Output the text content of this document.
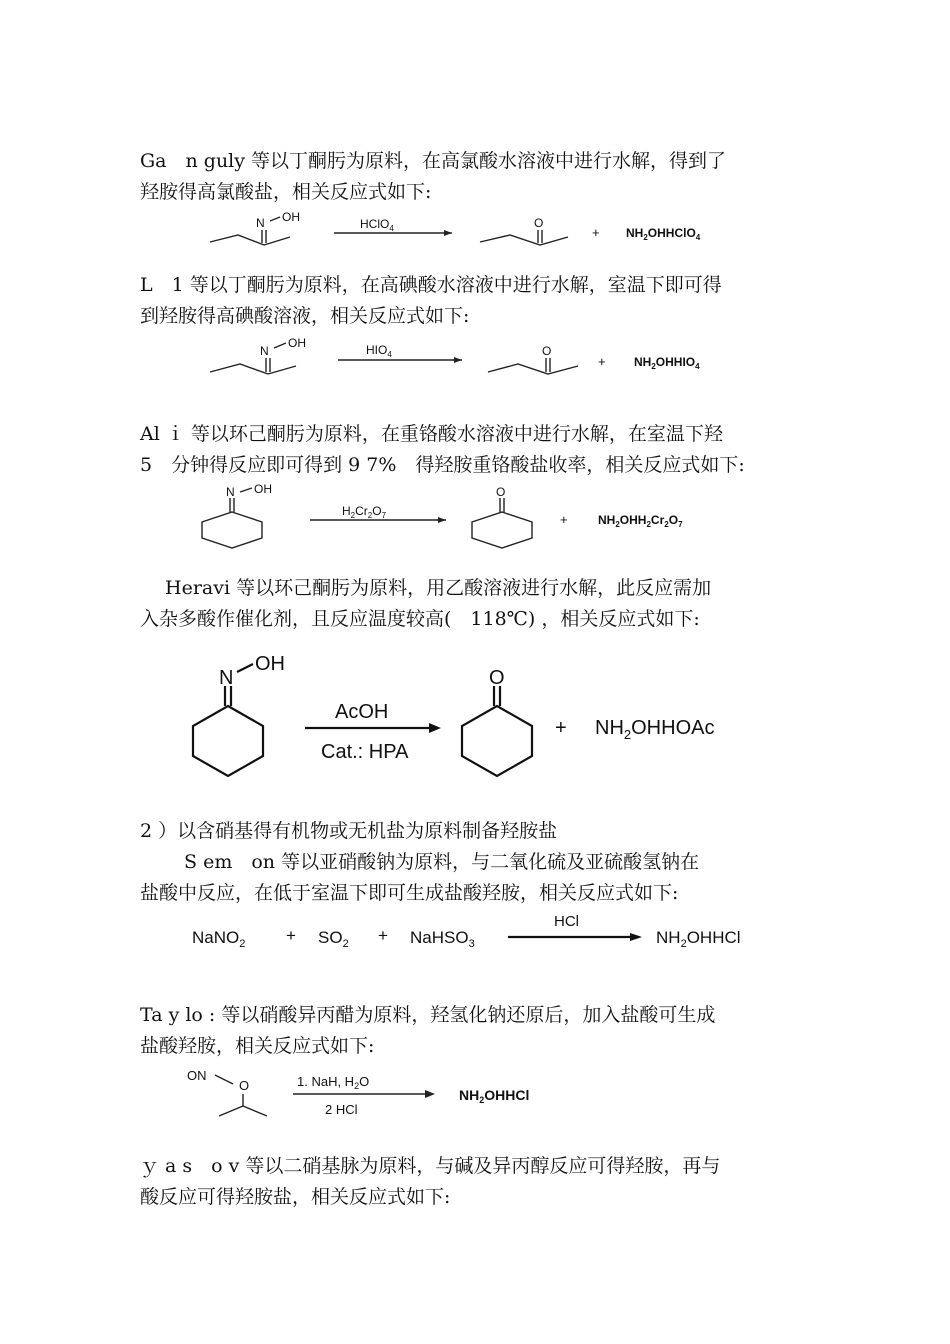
Ga　n guly 等以丁酮肟为原料，在高氯酸水溶液中进行水解，得到了
羟胺得高氯酸盐，相关反应式如下:
N OH	HClO$_4$	O
+ $NH_2OHHClO_4$
L　1 等以丁酮肟为原料，在高碘酸水溶液中进行水解，室温下即可得
到羟胺得高碘酸溶液，相关反应式如下:
N
OH	$HIO_4$	O
+ $NH_2OHHIO_4$
Al ｉ 等以环己酮肟为原料，在重铬酸水溶液中进行水解，在室温下羟
5　分钟得反应即可得到 9 7%　得羟胺重铬酸盐收率，相关反应式如下:
N OH
$H_2Cr_2O_7$
O
+	$NH_2OHH_2Cr_2O_7$
　 Heravi 等以环己酮肟为原料，用乙酸溶液进行水解，此反应需加
入杂多酸作催化剂，且反应温度较高(　118℃) ，相关反应式如下:
N
OH
AcOH
Cat.: HPA
O
+ $NH_2OHHOAc$
2 ）以含硝基得有机物或无机盐为原料制备羟胺盐
　　 S em　on 等以亚硝酸钠为原料，与二氧化硫及亚硫酸氢钠在
盐酸中反应，在低于室温下即可生成盐酸羟胺，相关反应式如下:
NaNO$_2$ + $SO_2$ + NaHSO$_3$
HCl
$NH_2OHHCl$
Ta y lo : 等以硝酸异丙醋为原料，羟氢化钠还原后，加入盐酸可生成
盐酸羟胺，相关反应式如下:
ON
O	1. NaH, $H_2O$
2 HCl
$NH_2OHHCl$
ｙ a s　o v 等以二硝基脉为原料，与碱及异丙醇反应可得羟胺，再与
酸反应可得羟胺盐，相关反应式如下:
